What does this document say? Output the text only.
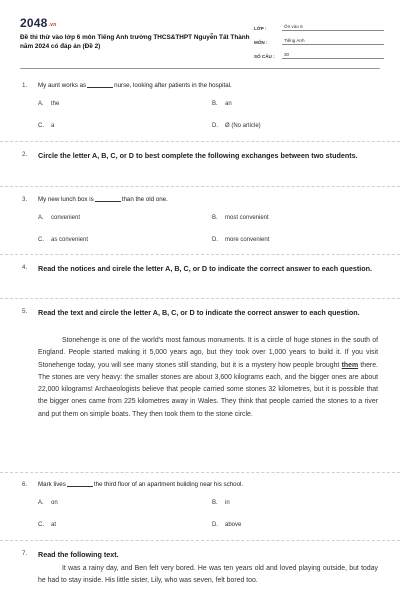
$2048^{.vn}$
Đề thi thử vào lớp 6 môn Tiếng Anh trường THCS&THPT Nguyễn Tất Thành năm 2024 có đáp án (Đề 2)
LỚP :	Ôn vào 6
MÔN :	Tiếng Anh
SỐ CÂU :	30
1. My aunt works as	nurse, looking after patients in the hospital.
A. the	B. an
C. a	D. Ø (No article)
2. Circle the letter A, B, C, or D to best complete the following exchanges between two students.
3. My new lunch box is	than the old one.
A. convenient	B. most convenient
C. as convenient	D. more convenient
4. Read the notices and cirele the letter A, B, C, or D to indicate the correct answer to each question.
5. Read the text and circle the letter A, B, C, or D to indicate the correct answer to each question.

Stonehenge is one of the world's most famous monuments. It is a circle of huge stones in the south of England. People started making it 5,000 years ago, but they took over 1,000 years to build it. If you visit Stonehenge today, you will see many stones still standing, but it is a mystery how people brought them there. The stones are very heavy: the smaller stones are about 3,600 kilograms each, and the bigger ones are about 22,000 kilograms! Archaeologists believe that people carried some stones 32 kilometres, but it is possible that the bigger ones came from 225 kilometres away in Wales. They think that people carried the stones to a river and put them on simple boats. They then took them to the stone circle.

6. Mark lives	the third floor of an apartment building near his school.
A. on	B. in
C. at	D. above
7. Read the following text.

It was a rainy day, and Ben felt very bored. He was ten years old and loved playing outside, but today he had to stay inside. His little sister, Lily, who was seven, felt bored too.
